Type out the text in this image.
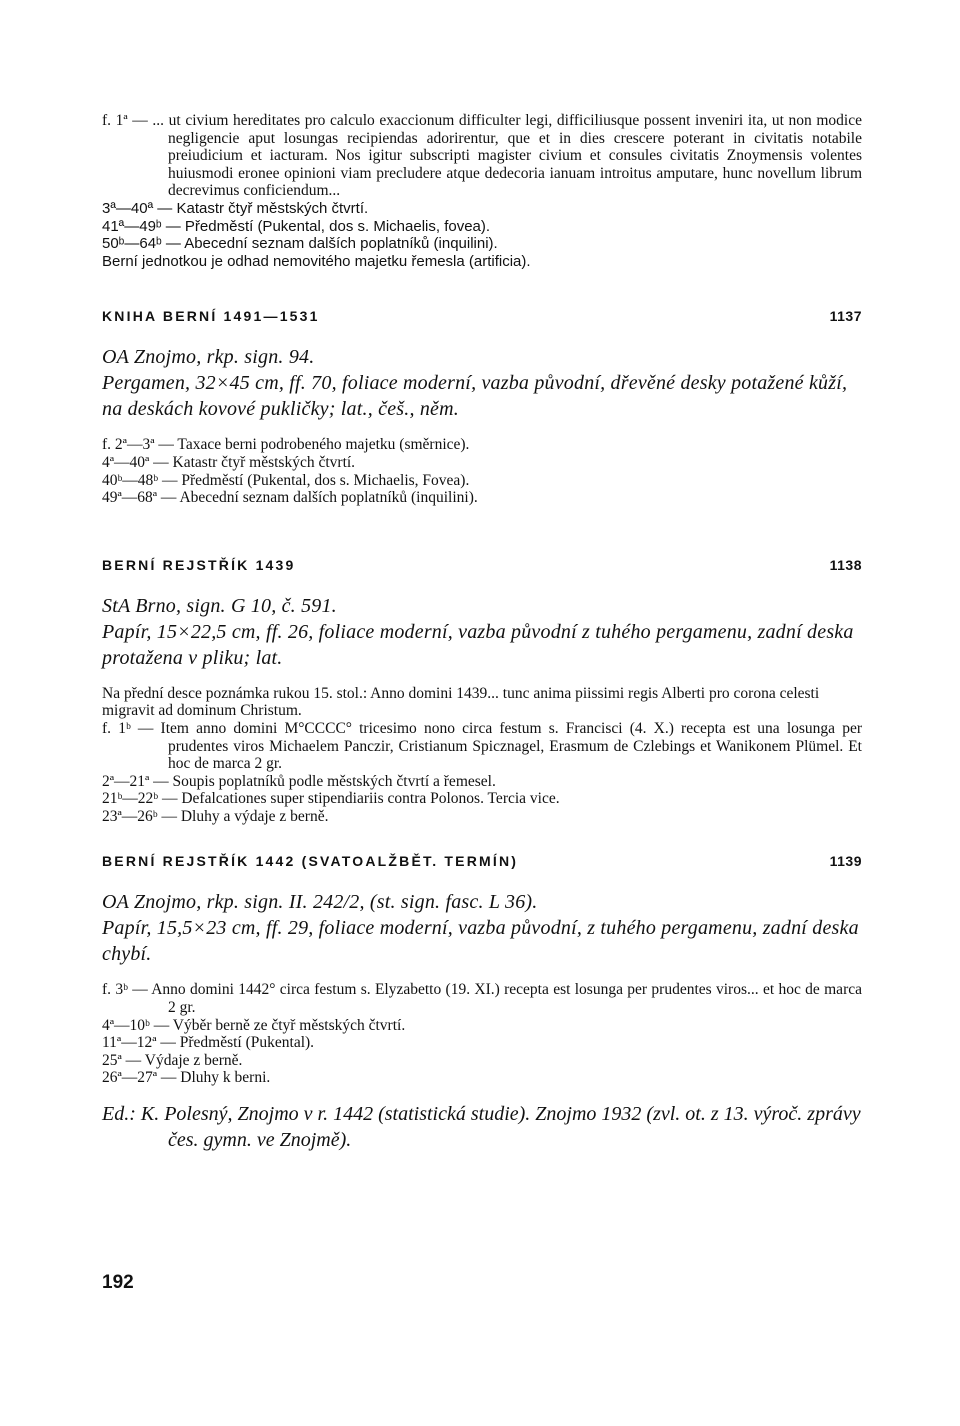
f. 1ª — ... ut civium hereditates pro calculo exaccionum difficulter legi, difficiliusque possent inveniri ita, ut non modice negligencie aput losungas recipiendas adorirentur, que et in dies crescere poterant in civitatis notabile preiudicium et iacturam. Nos igitur subscripti magister civium et consules civitatis Znoymensis volentes huiusmodi eronee opinioni viam precludere atque dedecoria ianuam introitus amputare, hunc novellum librum decrevimus conficiendum...

3ª—40ª — Katastr čtyř městských čtvrtí.
41ª—49ᵇ — Předměstí (Pukental, dos s. Michaelis, fovea).
50ᵇ—64ᵇ — Abecední seznam dalších poplatníků (inquilini).
Berní jednotkou je odhad nemovitého majetku řemesla (artificia).
KNIHA BERNÍ 1491—1531	1137

OA Znojmo, rkp. sign. 94.

Pergamen, 32×45 cm, ff. 70, foliace moderní, vazba původní, dřevěné desky potažené kůží, na deskách kovové pukličky; lat., češ., něm.

f. 2ª—3ª — Taxace berni podrobeného majetku (směrnice).
4ª—40ª — Katastr čtyř městských čtvrtí.
40ᵇ—48ᵇ — Předměstí (Pukental, dos s. Michaelis, Fovea).
49ª—68ª — Abecední seznam dalších poplatníků (inquilini).
BERNÍ REJSTŘÍK 1439	1138

StA Brno, sign. G 10, č. 591.

Papír, 15×22,5 cm, ff. 26, foliace moderní, vazba původní z tuhého pergamenu, zadní deska protažena v pliku; lat.

Na přední desce poznámka rukou 15. stol.: Anno domini 1439... tunc anima piissimi regis Alberti pro corona celesti migravit ad dominum Christum.
f. 1ᵇ — Item anno domini M°CCCC° tricesimo nono circa festum s. Francisci (4. X.) recepta est una losunga per prudentes viros Michaelem Panczir, Cristianum Spicznagel, Erasmum de Czlebings et Wanikonem Plümel. Et hoc de marca 2 gr.
2ª—21ª — Soupis poplatníků podle městských čtvrtí a řemesel.
21ᵇ—22ᵇ — Defalcationes super stipendiariis contra Polonos. Tercia vice.
23ª—26ᵇ — Dluhy a výdaje z berně.
BERNÍ REJSTŘÍK 1442 (SVATOALŽBĚT. TERMÍN)	1139

OA Znojmo, rkp. sign. II. 242/2, (st. sign. fasc. L 36).

Papír, 15,5×23 cm, ff. 29, foliace moderní, vazba původní, z tuhého pergamenu, zadní deska chybí.

f. 3ᵇ — Anno domini 1442° circa festum s. Elyzabetto (19. XI.) recepta est losunga per prudentes viros... et hoc de marca 2 gr.
4ª—10ᵇ — Výběr berně ze čtyř městských čtvrtí.
11ª—12ª — Předměstí (Pukental).
25ª — Výdaje z berně.
26ª—27ª — Dluhy k berni.

Ed.: K. Polesný, Znojmo v r. 1442 (statistická studie). Znojmo 1932 (zvl. ot. z 13. výroč. zprávy čes. gymn. ve Znojmě).

192
